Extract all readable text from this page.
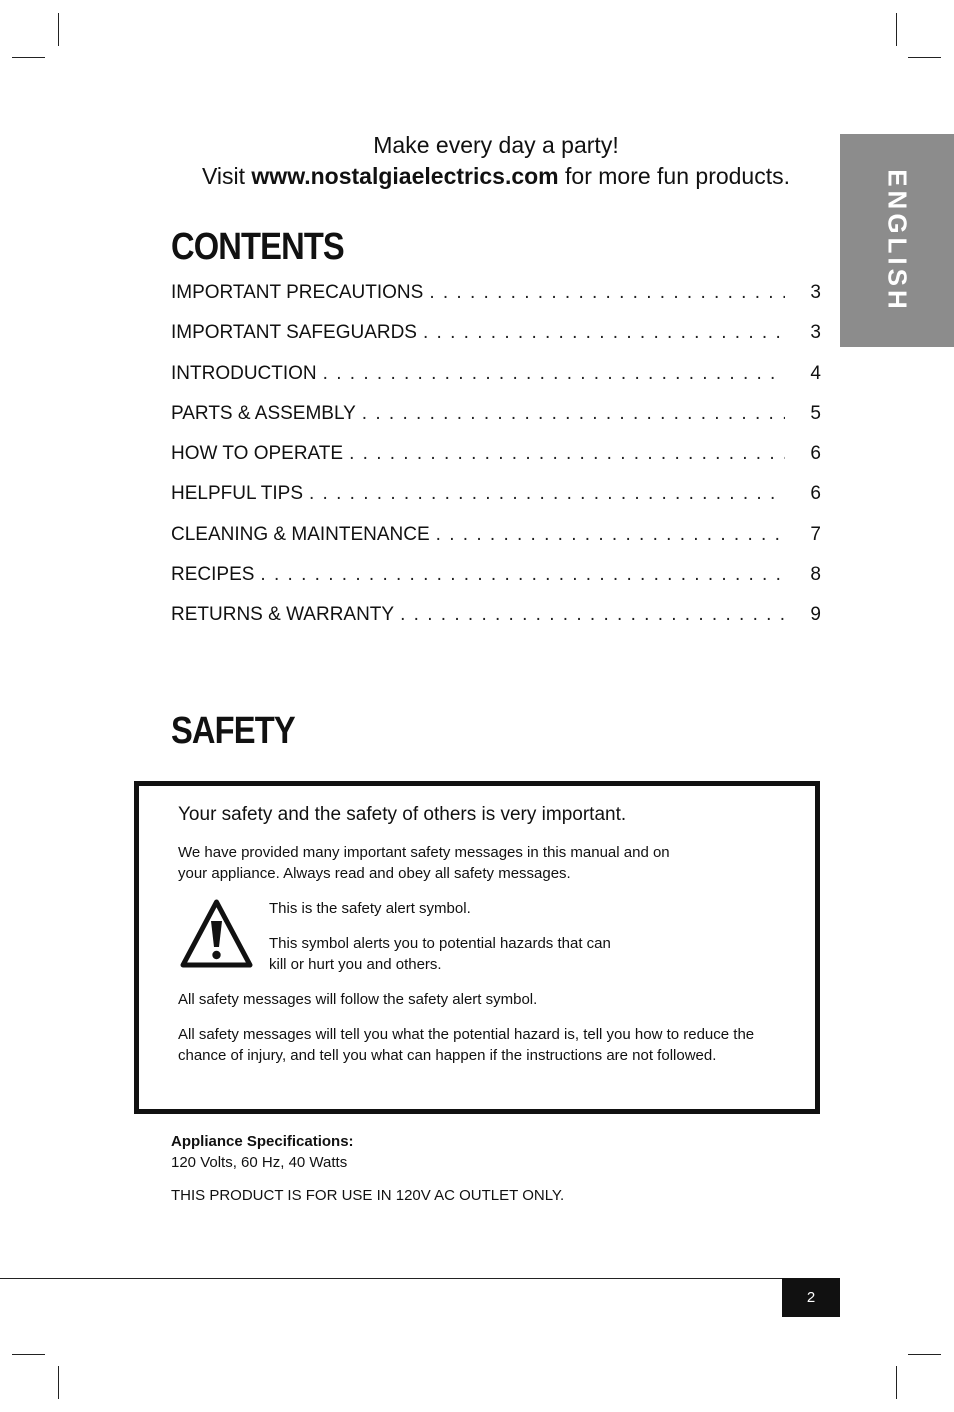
Make every day a party!
Visit www.nostalgiaelectrics.com for more fun products.	ENGLISH
CONTENTS
IMPORTANT PRECAUTIONS . . .	3
IMPORTANT SAFEGUARDS . . .	3
INTRODUCTION . . .	4
PARTS & ASSEMBLY . . .	5
HOW TO OPERATE . . .	6
HELPFUL TIPS . . .	6
CLEANING & MAINTENANCE . . .	7
RECIPES . . .	8
RETURNS & WARRANTY . . .	9
SAFETY
Your safety and the safety of others is very important.
We have provided many important safety messages in this manual and on your appliance. Always read and obey all safety messages.
This is the safety alert symbol.
This symbol alerts you to potential hazards that can kill or hurt you and others.
All safety messages will follow the safety alert symbol.
All safety messages will tell you what the potential hazard is, tell you how to reduce the chance of injury, and tell you what can happen if the instructions are not followed.
Appliance Specifications:
120 Volts, 60 Hz, 40 Watts
THIS PRODUCT IS FOR USE IN 120V AC OUTLET ONLY.
2
